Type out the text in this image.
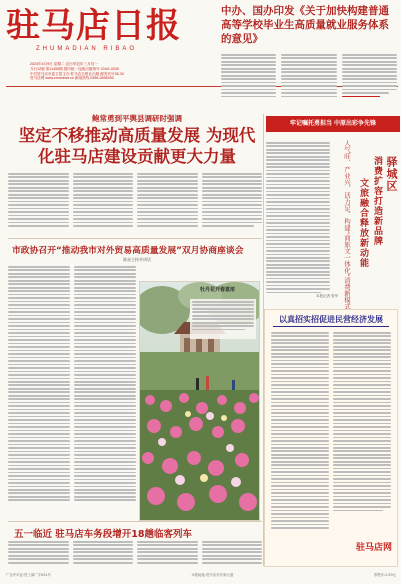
驻马店日报
ZHUMADIAN RIBAO
2024年4月9日 星期二 农历甲辰年三月初一
今日12版 第11455期 国内统一连续出版物号 CN41-0030
中共驻马店市委主管主办 驻马店日报社出版 邮发代号35-30
驻马店网 www.zmdnews.cn 新闻热线 0396-2696336
中办、国办印发《关于加快构建普通高等学校毕业生高质量就业服务体系的意见》
鲍常勇到平舆县调研时强调
坚定不移推动高质量发展 为现代化驻马店建设贡献更大力量
市政协召开“推动我市对外贸易高质量发展”双月协商座谈会
陈星主持并讲话
牡丹花开春意浓
五一临近 驻马店车务段增开18趟临客列车
牢记嘱托勇担当 中原出彩争先锋
驿城区
消费扩容打造新品牌
文旅融合释放新动能
人气旺、产业兴、活力足、构建“商旅文一体化”消费新模式
本报记者 张华
以真招实招促进民营经济发展
驻马店网
广告许可证:驻工商广字001号	本报地址:驻马店市开源大道	零售价:1.50元
